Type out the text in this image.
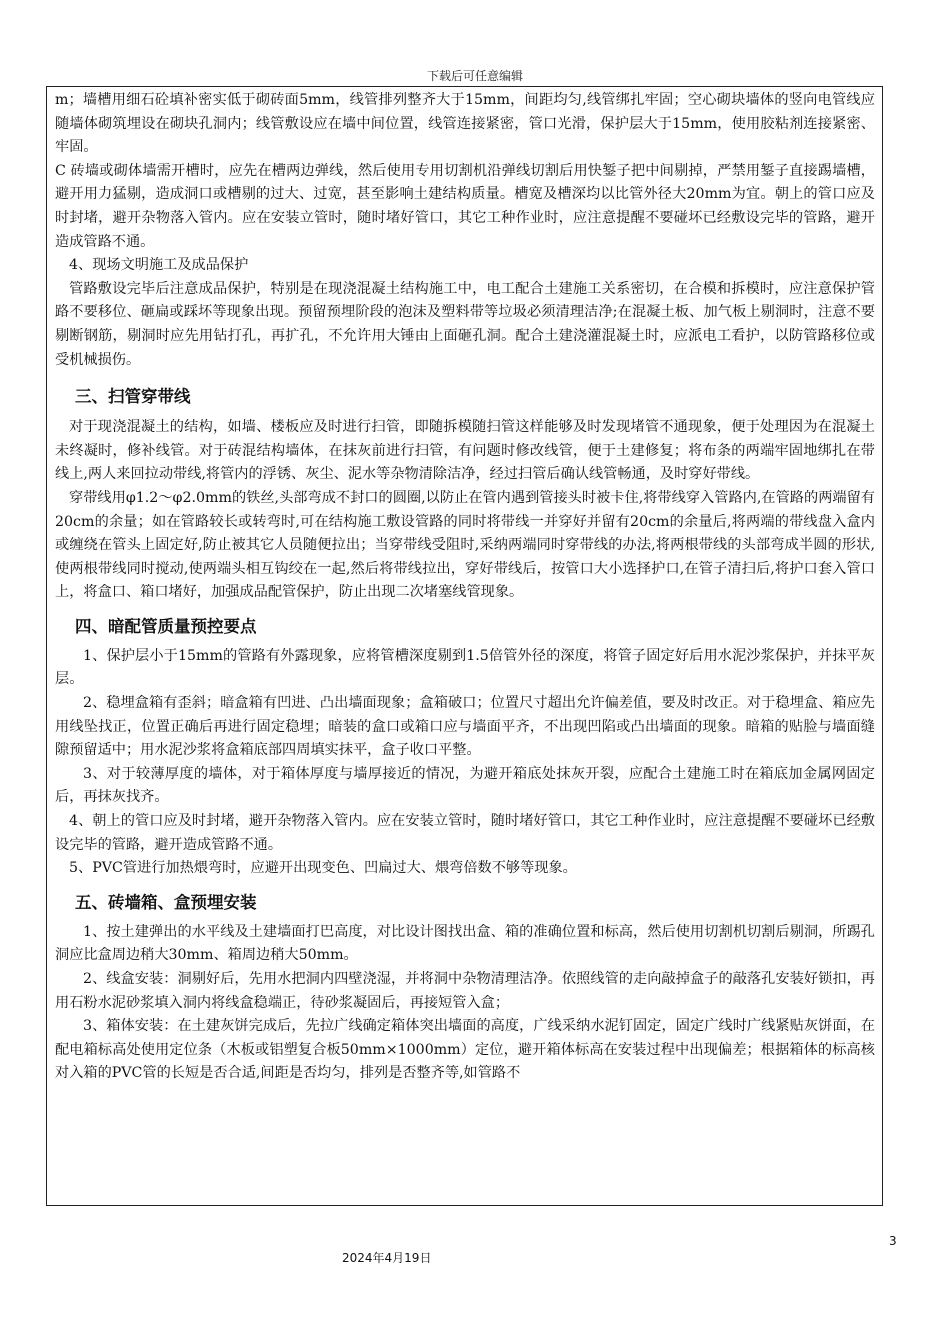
下载后可任意编辑

m；墙槽用细石砼填补密实低于砌砖面5mm，线管排列整齐大于15mm，间距均匀,线管绑扎牢固；空心砌块墙体的竖向电管线应随墙体砌筑埋设在砌块孔洞内；线管敷设应在墙中间位置，线管连接紧密，管口光滑，保护层大于15mm，使用胶粘剂连接紧密、牢固。

C 砖墙或砌体墙需开槽时，应先在槽两边弹线，然后使用专用切割机沿弹线切割后用快錾子把中间剔掉，严禁用錾子直接踢墙槽，避开用力猛剔，造成洞口或槽剔的过大、过宽，甚至影响土建结构质量。槽宽及槽深均以比管外径大20mm为宜。朝上的管口应及时封堵，避开杂物落入管内。应在安装立管时，随时堵好管口，其它工种作业时，应注意提醒不要碰坏已经敷设完毕的管路，避开造成管路不通。

4、现场文明施工及成品保护

管路敷设完毕后注意成品保护，特别是在现浇混凝土结构施工中，电工配合土建施工关系密切，在合模和拆模时，应注意保护管路不要移位、砸扁或踩坏等现象出现。预留预埋阶段的泡沫及塑料带等垃圾必须清理洁净;在混凝土板、加气板上剔洞时，注意不要剔断钢筋，剔洞时应先用钻打孔，再扩孔，不允许用大锤由上面砸孔洞。配合土建浇灌混凝土时，应派电工看护，以防管路移位或受机械损伤。

三、扫管穿带线

对于现浇混凝土的结构，如墙、楼板应及时进行扫管，即随拆模随扫管这样能够及时发现堵管不通现象，便于处理因为在混凝土未终凝时，修补线管。对于砖混结构墙体，在抹灰前进行扫管，有问题时修改线管，便于土建修复；将布条的两端牢固地绑扎在带线上,两人来回拉动带线,将管内的浮锈、灰尘、泥水等杂物清除洁净，经过扫管后确认线管畅通，及时穿好带线。

穿带线用φ1.2～φ2.0mm的铁丝,头部弯成不封口的圆圈,以防止在管内遇到管接头时被卡住,将带线穿入管路内,在管路的两端留有20cm的余量；如在管路较长或转弯时,可在结构施工敷设管路的同时将带线一并穿好并留有20cm的余量后,将两端的带线盘入盒内或缠绕在管头上固定好,防止被其它人员随便拉出；当穿带线受阻时,采纳两端同时穿带线的办法,将两根带线的头部弯成半圆的形状,使两根带线同时搅动,使两端头相互钩绞在一起,然后将带线拉出，穿好带线后，按管口大小选择护口,在管子清扫后,将护口套入管口上，将盒口、箱口堵好，加强成品配管保护，防止出现二次堵塞线管现象。

四、暗配管质量预控要点

1、保护层小于15mm的管路有外露现象，应将管槽深度剔到1.5倍管外径的深度，将管子固定好后用水泥沙浆保护，并抹平灰层。

2、稳埋盒箱有歪斜；暗盒箱有凹进、凸出墙面现象；盒箱破口；位置尺寸超出允许偏差值，要及时改正。对于稳埋盒、箱应先用线坠找正，位置正确后再进行固定稳埋；暗装的盒口或箱口应与墙面平齐，不出现凹陷或凸出墙面的现象。暗箱的贴脸与墙面缝隙预留适中；用水泥沙浆将盒箱底部四周填实抹平，盒子收口平整。

3、对于较薄厚度的墙体，对于箱体厚度与墙厚接近的情况，为避开箱底处抹灰开裂，应配合土建施工时在箱底加金属网固定后，再抹灰找齐。

4、朝上的管口应及时封堵，避开杂物落入管内。应在安装立管时，随时堵好管口，其它工种作业时，应注意提醒不要碰坏已经敷设完毕的管路，避开造成管路不通。

5、PVC管进行加热煨弯时，应避开出现变色、凹扁过大、煨弯倍数不够等现象。

五、砖墙箱、盒预埋安装

1、按土建弹出的水平线及土建墙面打巴高度，对比设计图找出盒、箱的准确位置和标高，然后使用切割机切割后剔洞，所踢孔洞应比盒周边稍大30mm、箱周边稍大50mm。

2、线盒安装：洞剔好后，先用水把洞内四壁浇湿，并将洞中杂物清理洁净。依照线管的走向敲掉盒子的敲落孔安装好锁扣，再用石粉水泥砂浆填入洞内将线盒稳端正，待砂浆凝固后，再接短管入盒；

3、箱体安装：在土建灰饼完成后，先拉广线确定箱体突出墙面的高度，广线采纳水泥钉固定，固定广线时广线紧贴灰饼面，在配电箱标高处使用定位条（木板或铝塑复合板50mm×1000mm）定位，避开箱体标高在安装过程中出现偏差；根据箱体的标高核对入箱的PVC管的长短是否合适,间距是否均匀，排列是否整齐等,如管路不

3
2024年4月19日
